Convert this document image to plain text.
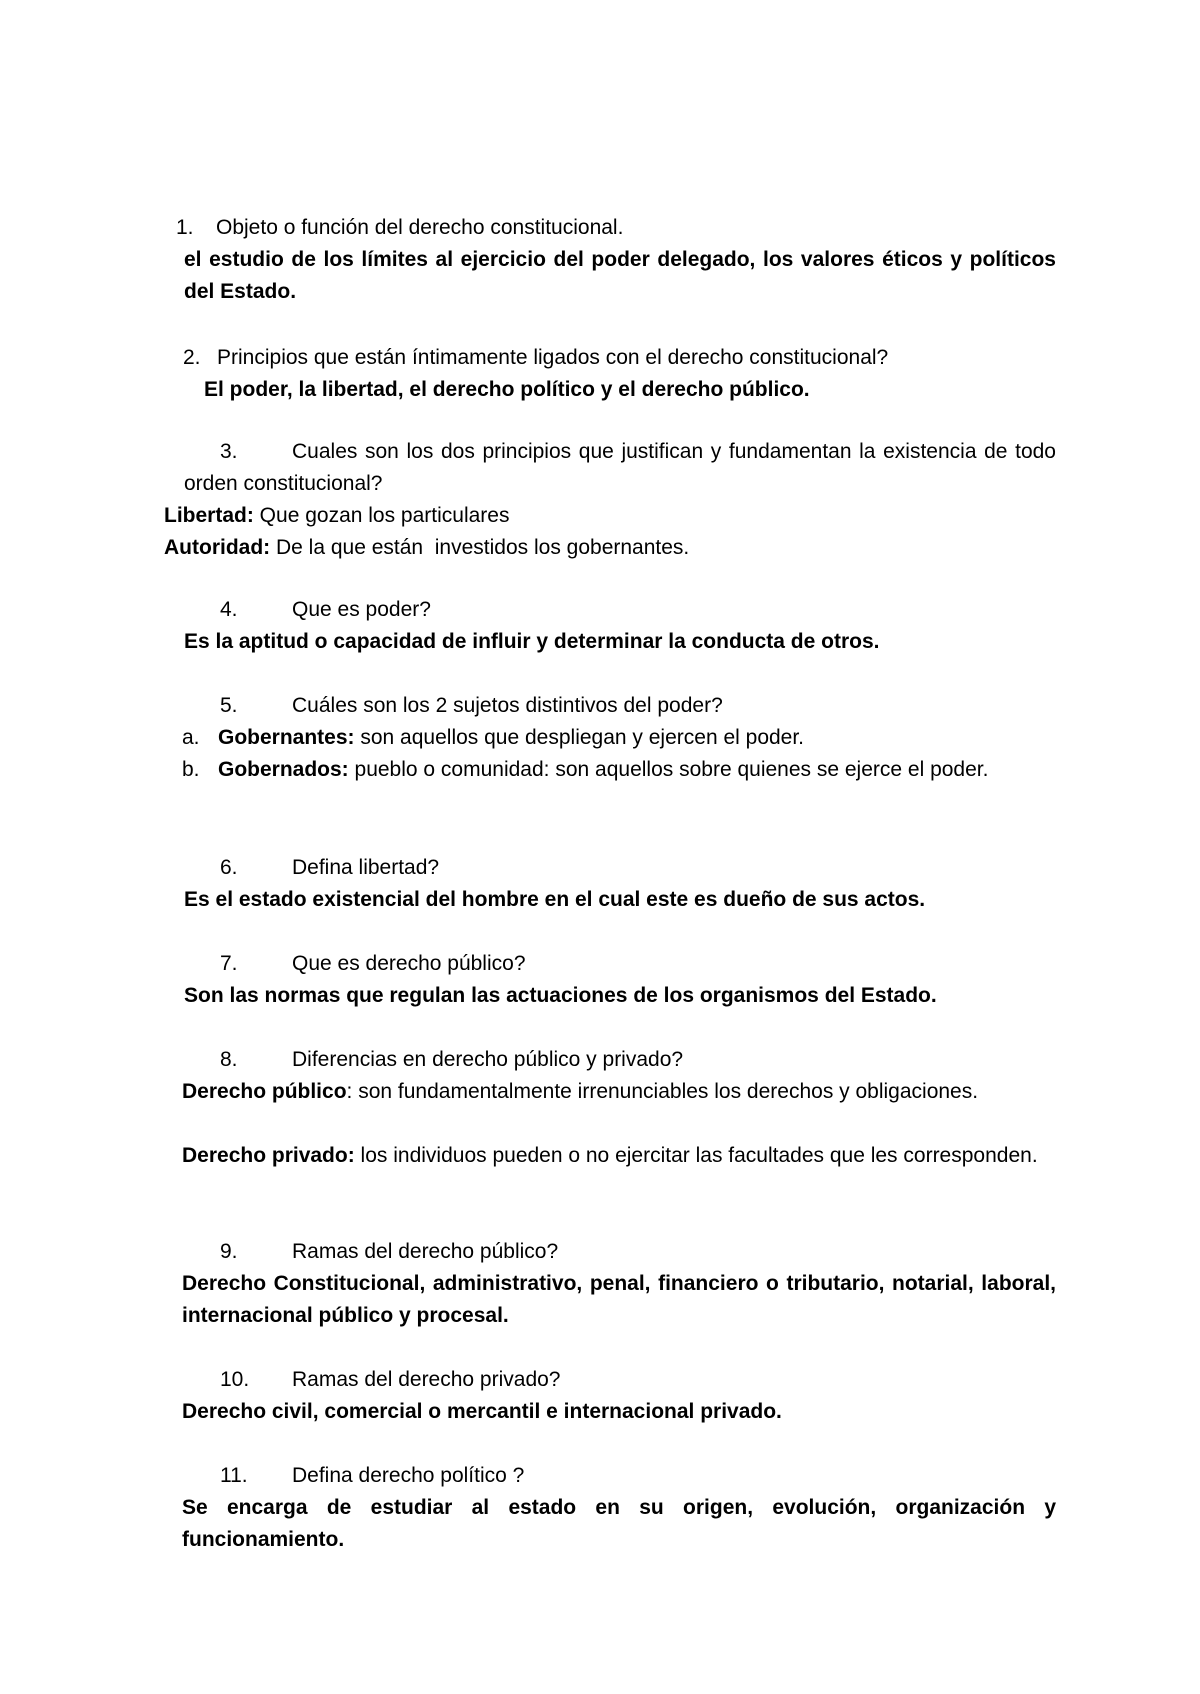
1. Objeto o función del derecho constitucional.
el estudio de los límites al ejercicio del poder delegado, los valores éticos y políticos del Estado.
2. Principios que están íntimamente ligados con el derecho constitucional?
El poder, la libertad, el derecho político y el derecho público.
3.	Cuales son los dos principios que justifican y fundamentan la existencia de todo orden constitucional?
Libertad: Que gozan los particulares
Autoridad: De la que están  investidos los gobernantes.
4.	Que es poder?
Es la aptitud o capacidad de influir y determinar la conducta de otros.
5.	Cuáles son los 2 sujetos distintivos del poder?
a. Gobernantes: son aquellos que despliegan y ejercen el poder.
b. Gobernados: pueblo o comunidad: son aquellos sobre quienes se ejerce el poder.
6.	Defina libertad?
Es el estado existencial del hombre en el cual este es dueño de sus actos.
7.	Que es derecho público?
Son las normas que regulan las actuaciones de los organismos del Estado.
8.	Diferencias en derecho público y privado?
Derecho público: son fundamentalmente irrenunciables los derechos y obligaciones.
Derecho privado: los individuos pueden o no ejercitar las facultades que les corresponden.
9.	Ramas del derecho público?
Derecho Constitucional, administrativo, penal, financiero o tributario, notarial, laboral, internacional público y procesal.
10. Ramas del derecho privado?
Derecho civil, comercial o mercantil e internacional privado.
11. Defina derecho político ?
Se encarga de estudiar al estado en su origen, evolución, organización y funcionamiento.
